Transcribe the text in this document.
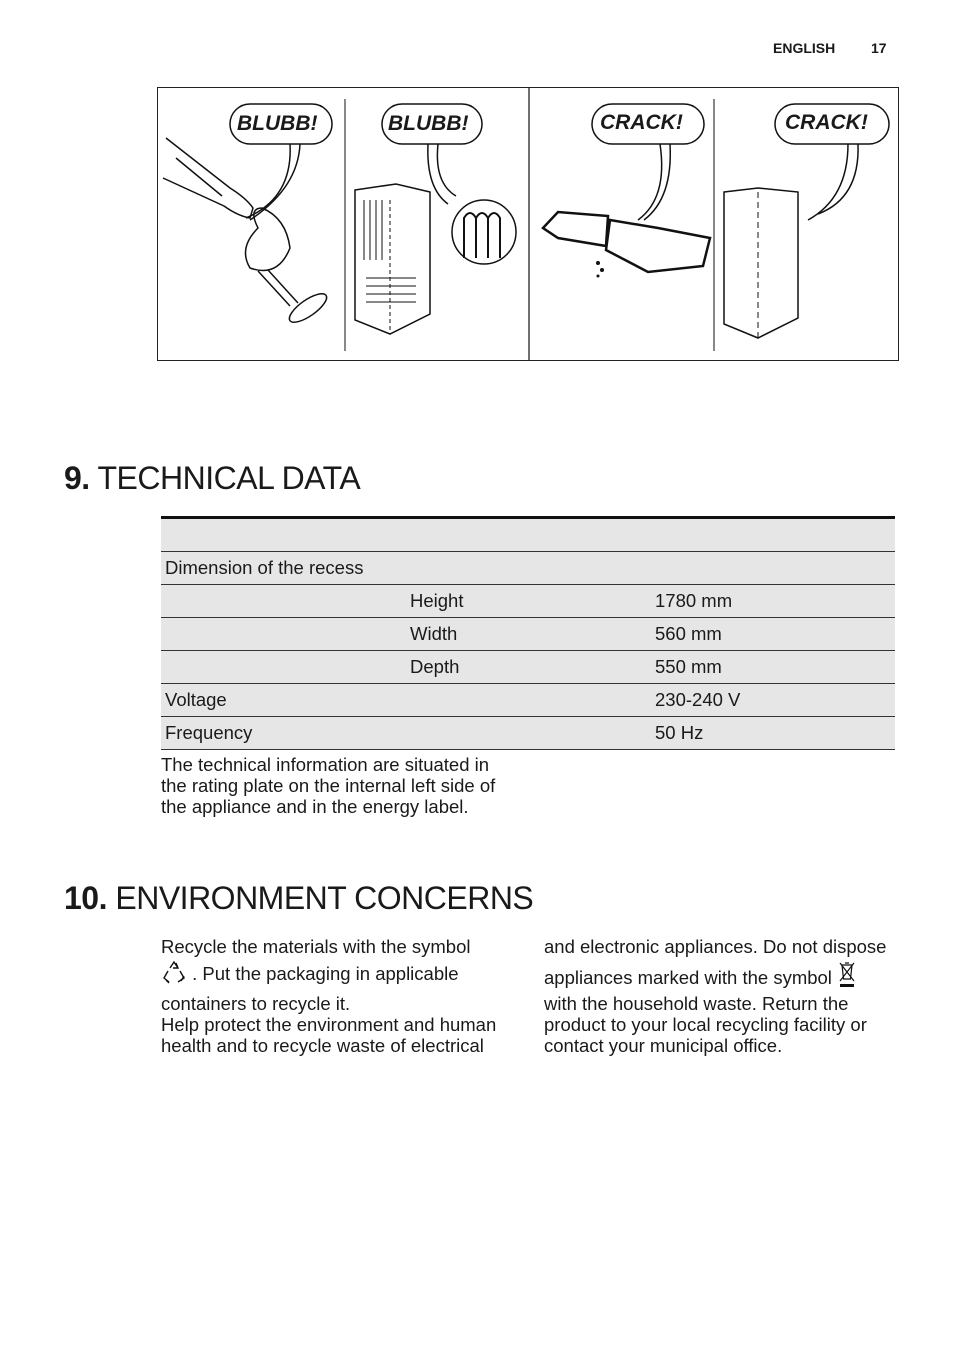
ENGLISH	17
BLUBB!	BLUBB!	CRACK!	CRACK!
9. TECHNICAL DATA

Dimension of the recess		
	Height	1780 mm
	Width	560 mm
	Depth	550 mm
Voltage		230-240 V
Frequency		50 Hz
The technical information are situated in the rating plate on the internal left side of the appliance and in the energy label.
10. ENVIRONMENT CONCERNS
Recycle the materials with the symbol
. Put the packaging in applicable
containers to recycle it.
Help protect the environment and human health and to recycle waste of electrical
and electronic appliances. Do not dispose
appliances marked with the symbol
with the household waste. Return the product to your local recycling facility or contact your municipal office.
